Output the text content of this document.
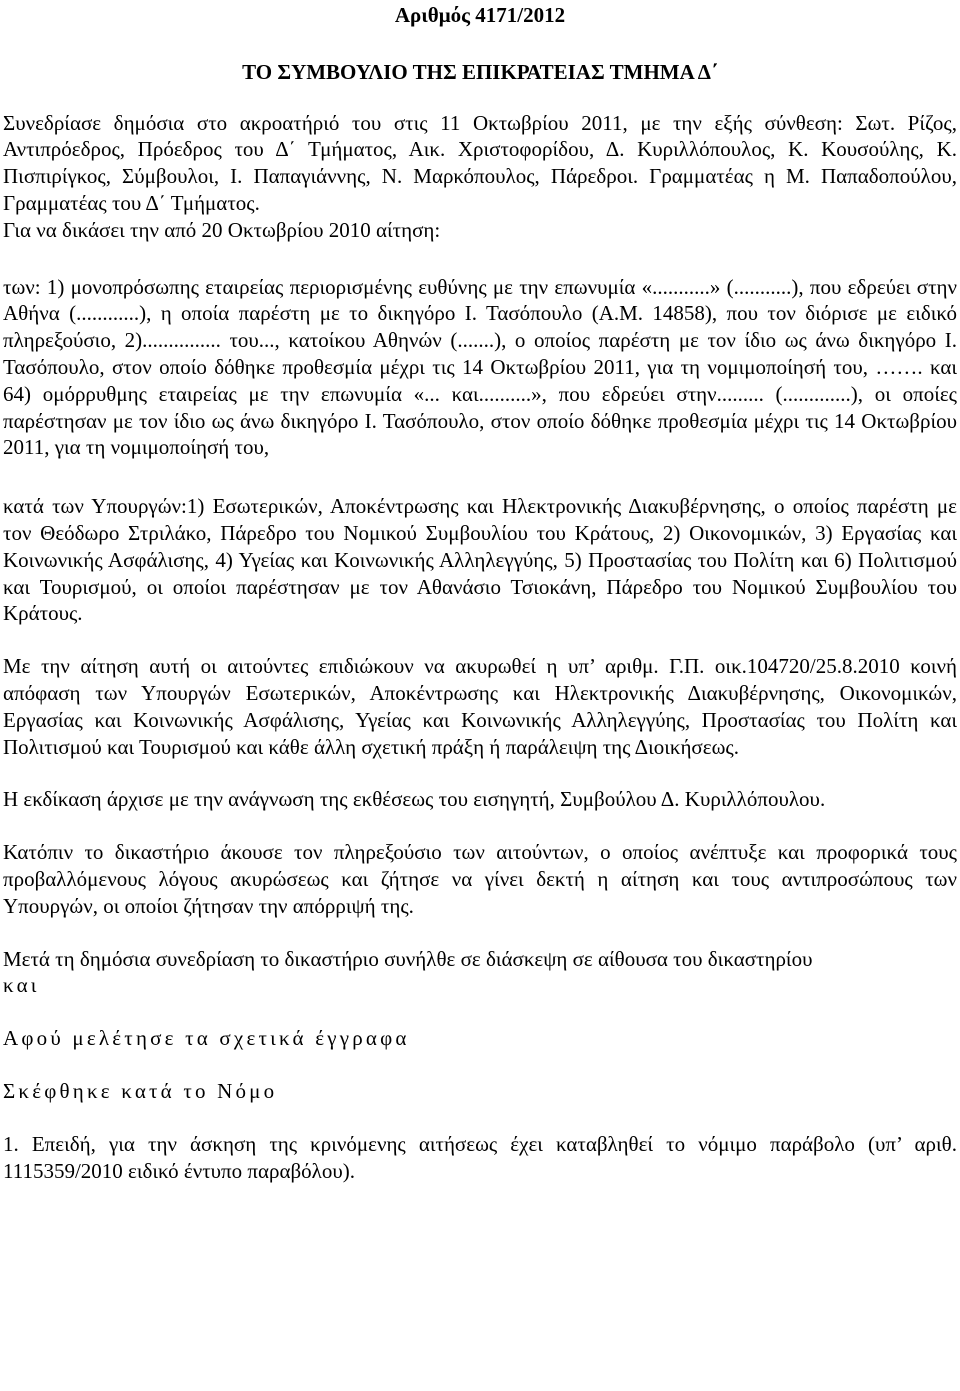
Αριθμός 4171/2012

ΤΟ ΣΥΜΒΟΥΛΙΟ ΤΗΣ ΕΠΙΚΡΑΤΕΙΑΣ ΤΜΗΜΑ Δ΄

Συνεδρίασε δημόσια στο ακροατήριό του στις 11 Οκτωβρίου 2011, με την εξής σύνθεση: Σωτ. Ρίζος, Αντιπρόεδρος, Πρόεδρος του Δ΄ Τμήματος, Αικ. Χριστοφορίδου, Δ. Κυριλλόπουλος, Κ. Κουσούλης, Κ. Πισπιρίγκος, Σύμβουλοι, Ι. Παπαγιάννης, Ν. Μαρκόπουλος, Πάρεδροι. Γραμματέας η Μ. Παπαδοπούλου, Γραμματέας του Δ΄ Τμήματος.

Για να δικάσει την από 20 Οκτωβρίου 2010 αίτηση:

των: 1) μονοπρόσωπης εταιρείας περιορισμένης ευθύνης με την επωνυμία «...........» (...........), που εδρεύει στην Αθήνα (............), η οποία παρέστη με το δικηγόρο Ι. Τασόπουλο (Α.Μ. 14858), που τον διόρισε με ειδικό πληρεξούσιο, 2)............... του..., κατοίκου Αθηνών (.......), ο οποίος παρέστη με τον ίδιο ως άνω δικηγόρο Ι. Τασόπουλο, στον οποίο δόθηκε προθεσμία μέχρι τις 14 Οκτωβρίου 2011, για τη νομιμοποίησή του, ……. και 64) ομόρρυθμης εταιρείας με την επωνυμία «... και..........», που εδρεύει στην......... (.............), οι οποίες παρέστησαν με τον ίδιο ως άνω δικηγόρο Ι. Τασόπουλο, στον οποίο δόθηκε προθεσμία μέχρι τις 14 Οκτωβρίου 2011, για τη νομιμοποίησή του,

κατά των Υπουργών:1) Εσωτερικών, Αποκέντρωσης και Ηλεκτρονικής Διακυβέρνησης, ο οποίος παρέστη με τον Θεόδωρο Στριλάκο, Πάρεδρο του Νομικού Συμβουλίου του Κράτους, 2) Οικονομικών, 3) Εργασίας και Κοινωνικής Ασφάλισης, 4) Υγείας και Κοινωνικής Αλληλεγγύης, 5) Προστασίας του Πολίτη και 6) Πολιτισμού και Τουρισμού, οι οποίοι παρέστησαν με τον Αθανάσιο Τσιοκάνη, Πάρεδρο του Νομικού Συμβουλίου του Κράτους.

Με την αίτηση αυτή οι αιτούντες επιδιώκουν να ακυρωθεί η υπ’ αριθμ. Γ.Π. οικ.104720/25.8.2010 κοινή απόφαση των Υπουργών Εσωτερικών, Αποκέντρωσης και Ηλεκτρονικής Διακυβέρνησης, Οικονομικών, Εργασίας και Κοινωνικής Ασφάλισης, Υγείας και Κοινωνικής Αλληλεγγύης, Προστασίας του Πολίτη και Πολιτισμού και Τουρισμού και κάθε άλλη σχετική πράξη ή παράλειψη της Διοικήσεως.

Η εκδίκαση άρχισε με την ανάγνωση της εκθέσεως του εισηγητή, Συμβούλου Δ. Κυριλλόπουλου.

Κατόπιν το δικαστήριο άκουσε τον πληρεξούσιο των αιτούντων, ο οποίος ανέπτυξε και προφορικά τους προβαλλόμενους λόγους ακυρώσεως και ζήτησε να γίνει δεκτή η αίτηση και τους αντιπροσώπους των Υπουργών, οι οποίοι ζήτησαν την απόρριψή της.

Μετά τη δημόσια συνεδρίαση το δικαστήριο συνήλθε σε διάσκεψη σε αίθουσα του δικαστηρίου
και

Αφού μελέτησε τα σχετικά έγγραφα

Σκέφθηκε κατά το Νόμο

1. Επειδή, για την άσκηση της κρινόμενης αιτήσεως έχει καταβληθεί το νόμιμο παράβολο (υπ’ αριθ. 1115359/2010 ειδικό έντυπο παραβόλου).
